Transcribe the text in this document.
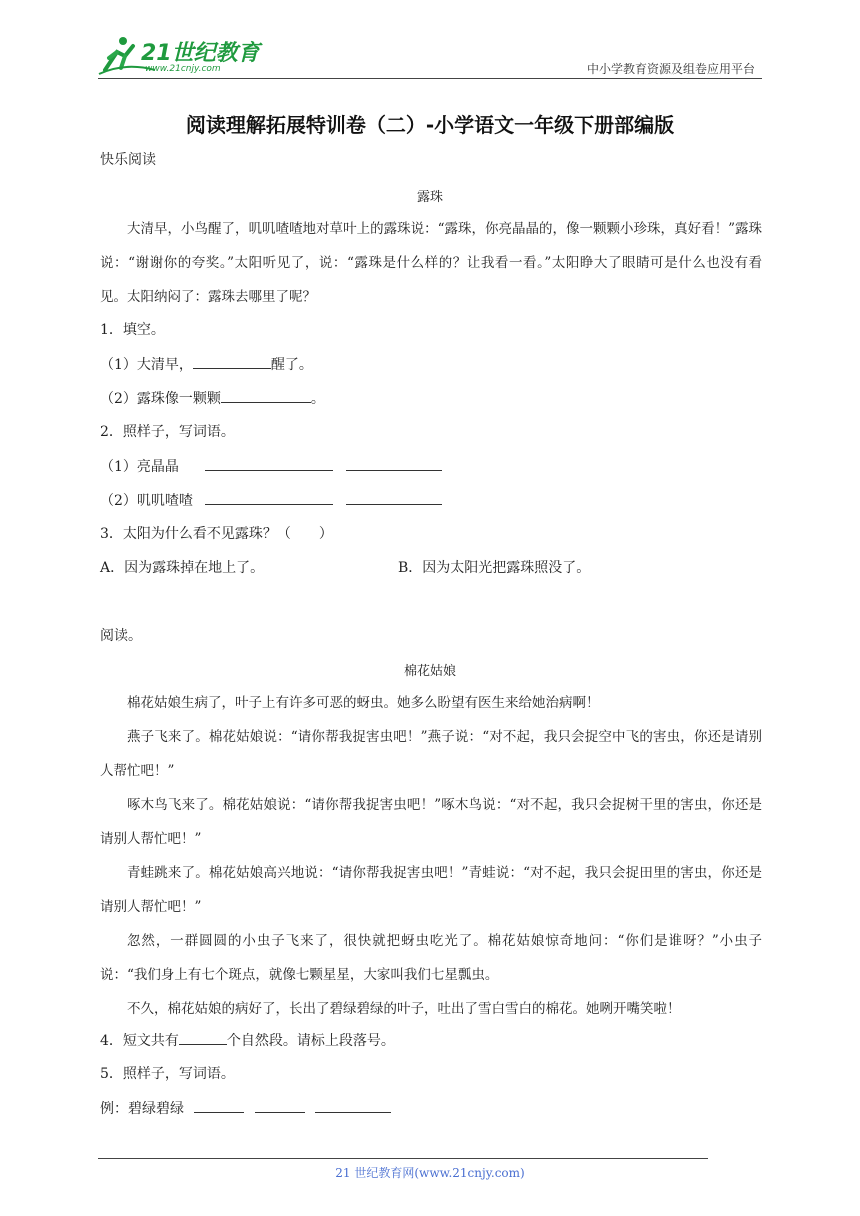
21世纪教育
www.21cnjy.com	中小学教育资源及组卷应用平台
阅读理解拓展特训卷（二）-小学语文一年级下册部编版
快乐阅读
露珠

大清早，小鸟醒了，叽叽喳喳地对草叶上的露珠说：“露珠，你亮晶晶的，像一颗颗小珍珠，真好看！”露珠说：“谢谢你的夸奖。”太阳听见了，说：“露珠是什么样的？让我看一看。”太阳睁大了眼睛可是什么也没有看见。太阳纳闷了：露珠去哪里了呢？

1．填空。
（1）大清早，	醒了。
（2）露珠像一颗颗	。
2．照样子，写词语。
（1）亮晶晶
（2）叽叽喳喳
3．太阳为什么看不见露珠？（　　）
A．因为露珠掉在地上了。	B．因为太阳光把露珠照没了。
阅读。
棉花姑娘

棉花姑娘生病了，叶子上有许多可恶的蚜虫。她多么盼望有医生来给她治病啊！

燕子飞来了。棉花姑娘说：“请你帮我捉害虫吧！”燕子说：“对不起，我只会捉空中飞的害虫，你还是请别人帮忙吧！”

啄木鸟飞来了。棉花姑娘说：“请你帮我捉害虫吧！”啄木鸟说：“对不起，我只会捉树干里的害虫，你还是请别人帮忙吧！”

青蛙跳来了。棉花姑娘高兴地说：“请你帮我捉害虫吧！”青蛙说：“对不起，我只会捉田里的害虫，你还是请别人帮忙吧！”

忽然，一群圆圆的小虫子飞来了，很快就把蚜虫吃光了。棉花姑娘惊奇地问：“你们是谁呀？”小虫子说：“我们身上有七个斑点，就像七颗星星，大家叫我们七星瓢虫。

不久，棉花姑娘的病好了，长出了碧绿碧绿的叶子，吐出了雪白雪白的棉花。她咧开嘴笑啦！

4．短文共有	个自然段。请标上段落号。
5．照样子，写词语。
例：碧绿碧绿
21 世纪教育网(www.21cnjy.com)
